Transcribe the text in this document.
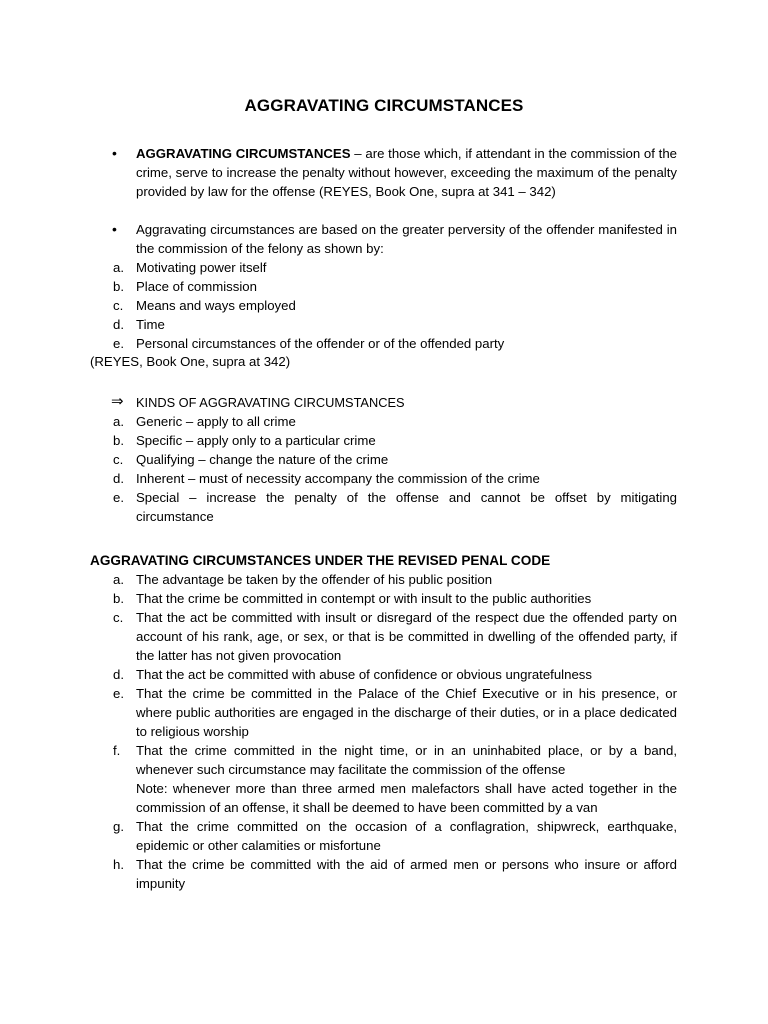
AGGRAVATING CIRCUMSTANCES
• AGGRAVATING CIRCUMSTANCES – are those which, if attendant in the commission of the crime, serve to increase the penalty without however, exceeding the maximum of the penalty provided by law for the offense (REYES, Book One, supra at 341 – 342)
• Aggravating circumstances are based on the greater perversity of the offender manifested in the commission of the felony as shown by:
a. Motivating power itself
b. Place of commission
c. Means and ways employed
d. Time
e. Personal circumstances of the offender or of the offended party
(REYES, Book One, supra at 342)
⇒ KINDS OF AGGRAVATING CIRCUMSTANCES
a. Generic – apply to all crime
b. Specific – apply only to a particular crime
c. Qualifying – change the nature of the crime
d. Inherent – must of necessity accompany the commission of the crime
e. Special – increase the penalty of the offense and cannot be offset by mitigating circumstance
AGGRAVATING CIRCUMSTANCES UNDER THE REVISED PENAL CODE
a. The advantage be taken by the offender of his public position
b. That the crime be committed in contempt or with insult to the public authorities
c. That the act be committed with insult or disregard of the respect due the offended party on account of his rank, age, or sex, or that is be committed in dwelling of the offended party, if the latter has not given provocation
d. That the act be committed with abuse of confidence or obvious ungratefulness
e. That the crime be committed in the Palace of the Chief Executive or in his presence, or where public authorities are engaged in the discharge of their duties, or in a place dedicated to religious worship
f.	That the crime committed in the night time, or in an uninhabited place, or by a band, whenever such circumstance may facilitate the commission of the offense
Note: whenever more than three armed men malefactors shall have acted together in the commission of an offense, it shall be deemed to have been committed by a van
g. That the crime committed on the occasion of a conflagration, shipwreck, earthquake, epidemic or other calamities or misfortune
h. That the crime be committed with the aid of armed men or persons who insure or afford impunity
